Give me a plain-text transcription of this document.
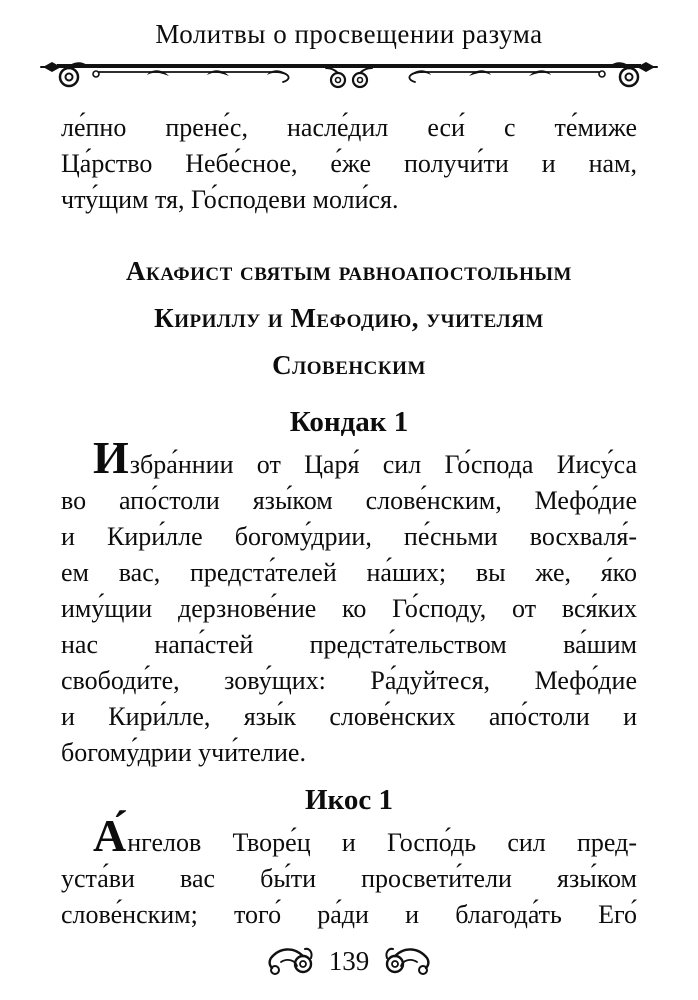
Молитвы о просвещении разума

ле́пно прене́с, насле́дил еси́ с те́миже
Ца́рство Небе́сное, е́же получи́ти и нам,
чту́щим тя, Го́сподеви моли́ся.
Акафист святым равноапостольным
Кириллу и Мефодию, учителям
Словенским
Кондак 1
Избра́ннии от Царя́ сил Го́спода Иису́са
во апо́столи язы́ком слове́нским, Мефо́дие
и Кири́лле богому́дрии, пе́сньми восхваля́-
ем вас, предста́телей на́ших; вы же, я́ко
иму́щии дерзнове́ние ко Го́споду, от вся́ких
нас напа́стей предста́тельством ва́шим
свободи́те, зову́щих: Ра́дуйтеся, Мефо́дие
и Кири́лле, язы́к слове́нских апо́столи и
богому́дрии учи́телие.
Икос 1
А́нгелов Творе́ц и Госпо́дь сил пред-
уста́ви вас бы́ти просвети́тели язы́ком
слове́нским; того́ ра́ди и благода́ть Его́
139
